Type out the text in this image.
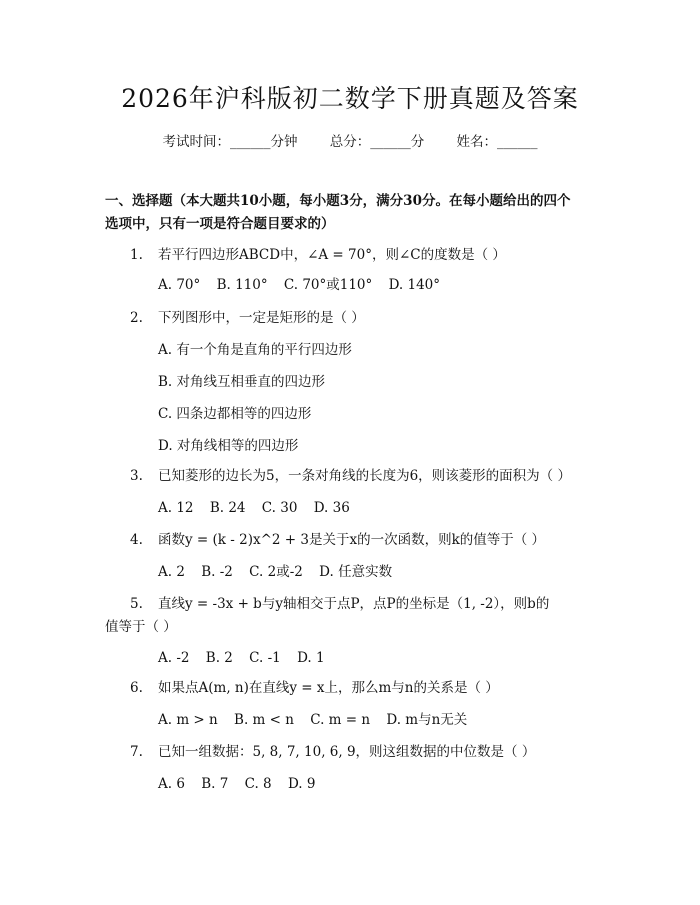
2026年沪科版初二数学下册真题及答案
考试时间：______分钟 总分：______分 姓名：______
一、选择题（本大题共10小题，每小题3分，满分30分。在每小题给出的四个
选项中，只有一项是符合题目要求的）
1. 若平行四边形ABCD中，∠A = 70°，则∠C的度数是（ ）
A. 70° B. 110° C. 70°或110° D. 140°
2. 下列图形中，一定是矩形的是（ ）
A. 有一个角是直角的平行四边形
B. 对角线互相垂直的四边形
C. 四条边都相等的四边形
D. 对角线相等的四边形
3. 已知菱形的边长为5，一条对角线的长度为6，则该菱形的面积为（ ）
A. 12 B. 24 C. 30 D. 36
4. 函数y = (k - 2)x^2 + 3是关于x的一次函数，则k的值等于（ ）
A. 2 B. -2 C. 2或-2 D. 任意实数
5. 直线y = -3x + b与y轴相交于点P，点P的坐标是（1, -2），则b的
值等于（ ）
A. -2 B. 2 C. -1 D. 1
6. 如果点A(m, n)在直线y = x上，那么m与n的关系是（ ）
A. m > n B. m < n C. m = n D. m与n无关
7. 已知一组数据：5, 8, 7, 10, 6, 9，则这组数据的中位数是（ ）
A. 6 B. 7 C. 8 D. 9
